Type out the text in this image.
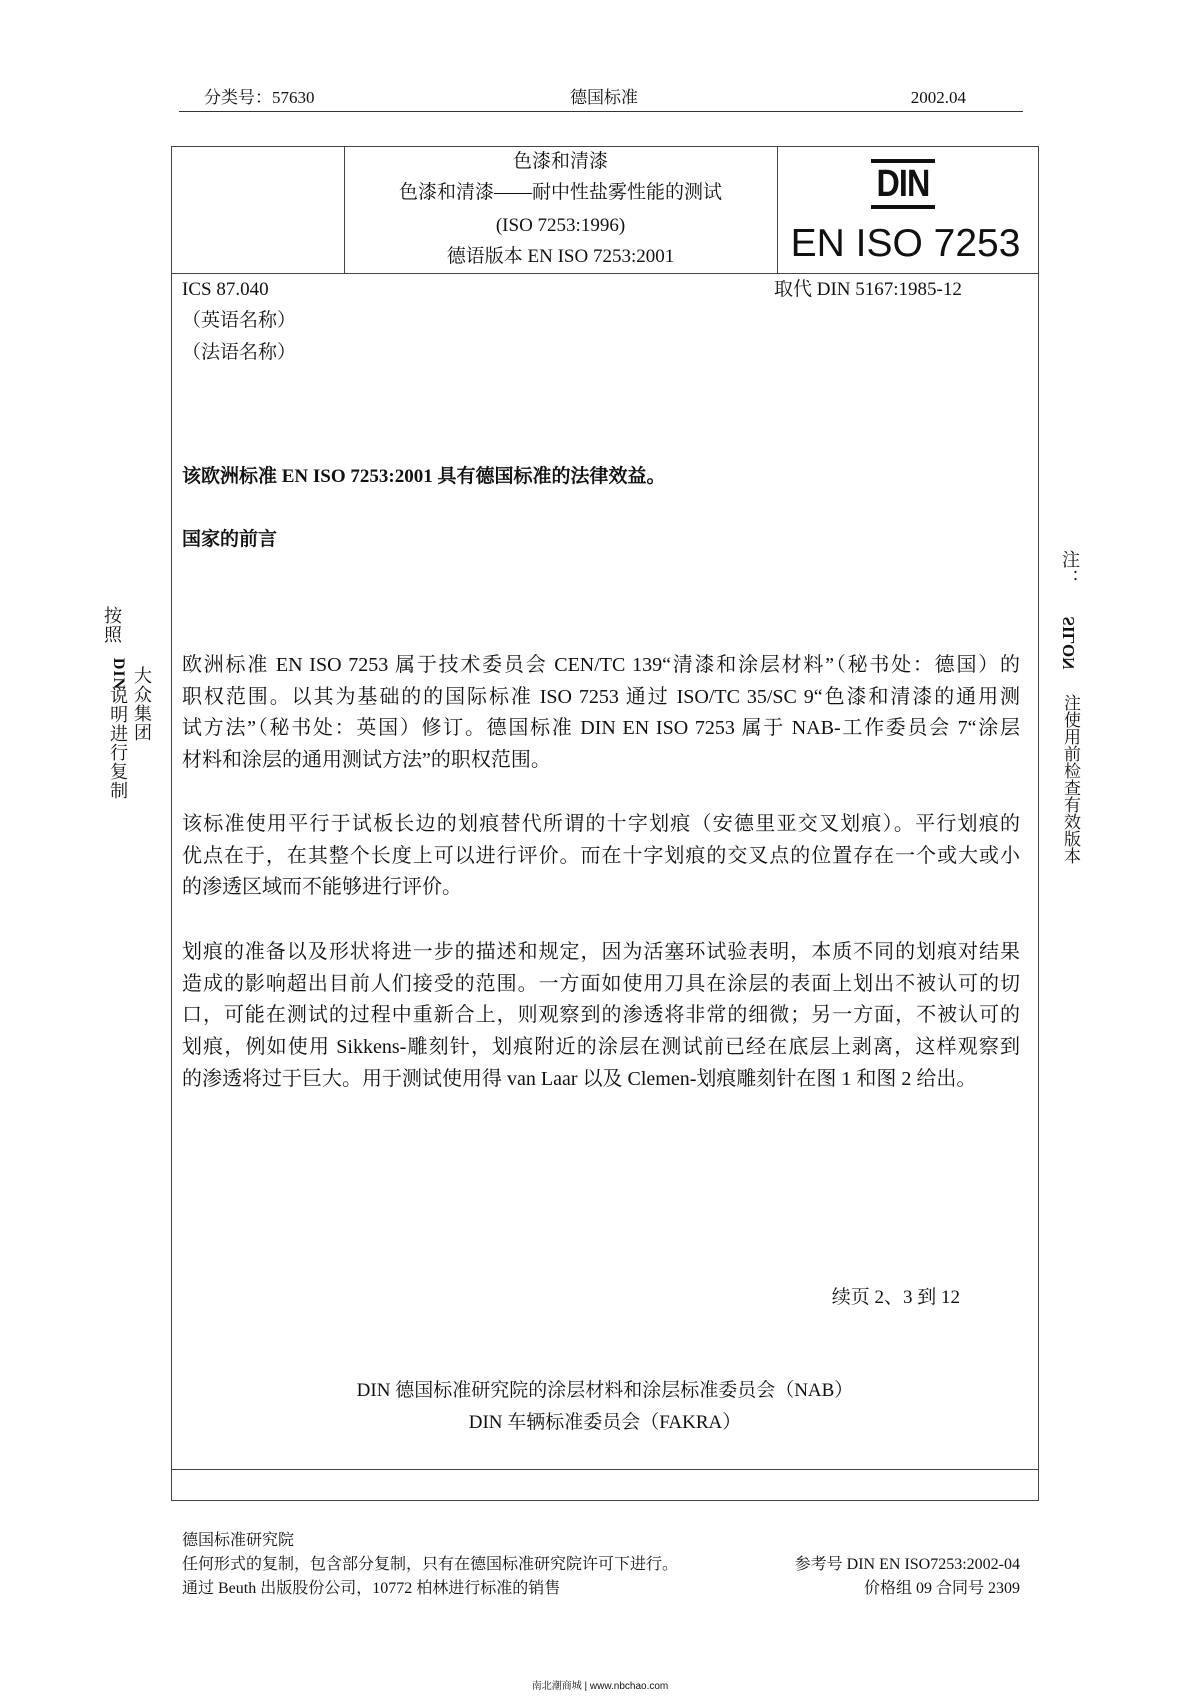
分类号：57630	德国标准	2002.04
色漆和清漆
色漆和清漆——耐中性盐雾性能的测试
(ISO 7253:1996)
德语版本 EN ISO 7253:2001
DIN
EN ISO 7253
ICS 87.040
（英语名称）
（法语名称）
取代 DIN 5167:1985-12
该欧洲标准 EN ISO 7253:2001 具有德国标准的法律效益。
国家的前言
欧洲标准 EN ISO 7253 属于技术委员会 CEN/TC 139“清漆和涂层材料”（秘书处：德国）的
职权范围。以其为基础的的国际标准 ISO 7253 通过 ISO/TC 35/SC 9“色漆和清漆的通用测
试方法”（秘书处：英国）修订。德国标准 DIN EN ISO 7253 属于 NAB-工作委员会 7“涂层
材料和涂层的通用测试方法”的职权范围。
该标准使用平行于试板长边的划痕替代所谓的十字划痕（安德里亚交叉划痕）。平行划痕的
优点在于，在其整个长度上可以进行评价。而在十字划痕的交叉点的位置存在一个或大或小
的渗透区域而不能够进行评价。
划痕的准备以及形状将进一步的描述和规定，因为活塞环试验表明，本质不同的划痕对结果
造成的影响超出目前人们接受的范围。一方面如使用刀具在涂层的表面上划出不被认可的切
口，可能在测试的过程中重新合上，则观察到的渗透将非常的细微；另一方面，不被认可的
划痕，例如使用 Sikkens-雕刻针，划痕附近的涂层在测试前已经在底层上剥离，这样观察到
的渗透将过于巨大。用于测试使用得 van Laar 以及 Clemen-划痕雕刻针在图 1 和图 2 给出。
续页 2、3 到 12
DIN 德国标准研究院的涂层材料和涂层标准委员会（NAB）
DIN 车辆标准委员会（FAKRA）
德国标准研究院
任何形式的复制，包含部分复制，只有在德国标准研究院许可下进行。	参考号 DIN EN ISO7253:2002-04
通过 Beuth 出版股份公司，10772 柏林进行标准的销售	价格组 09 合同号 2309
按照
DIN说明进行复制 大众集团
注：
SILON
注使用前检查有效版本
南北潮商城 | www.nbchao.com
